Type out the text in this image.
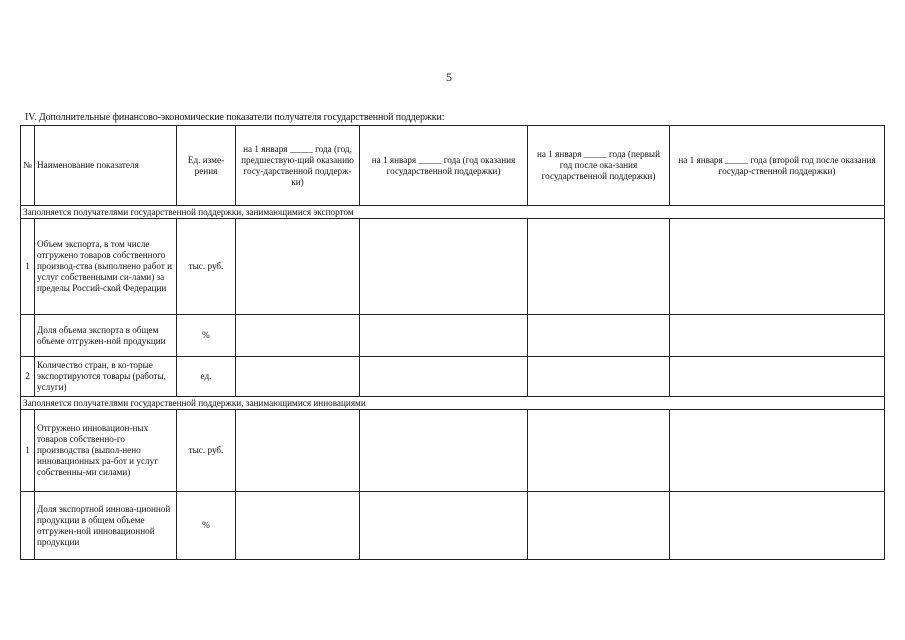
5
IV. Дополнительные финансово-экономические показатели получателя государственной поддержки:
№	Наименование показателя	Ед. изме-рения	на 1 января _____ года (год, предшествую-щий оказанию госу-дарственной поддерж-ки)	на 1 января _____ года (год оказания государственной поддержки)	на 1 января _____ года (первый год после ока-зания государственной поддержки)	на 1 января _____ года (второй год после оказания государ-ственной поддержки)
Заполняется получателями государственной поддержки, занимающимися экспортом						
1	Объем экспорта, в том числе отгружено товаров собственного производ-ства (выполнено работ и услуг собственными си-лами) за пределы Россий-ской Федерации	тыс. руб.				
	Доля объема экспорта в общем объеме отгружен-ной продукции	%				
2	Количество стран, в ко-торые экспортируются товары (работы, услуги)	ед.				
Заполняется получателями государственной поддержки, занимающимися инновациями						
1	Отгружено инновацион-ных товаров собственно-го производства (выпол-нено инновационных ра-бот и услуг собственны-ми силами)	тыс. руб.				
	Доля экспортной иннова-ционной продукции в общем объеме отгружен-ной инновационной продукции	%				
